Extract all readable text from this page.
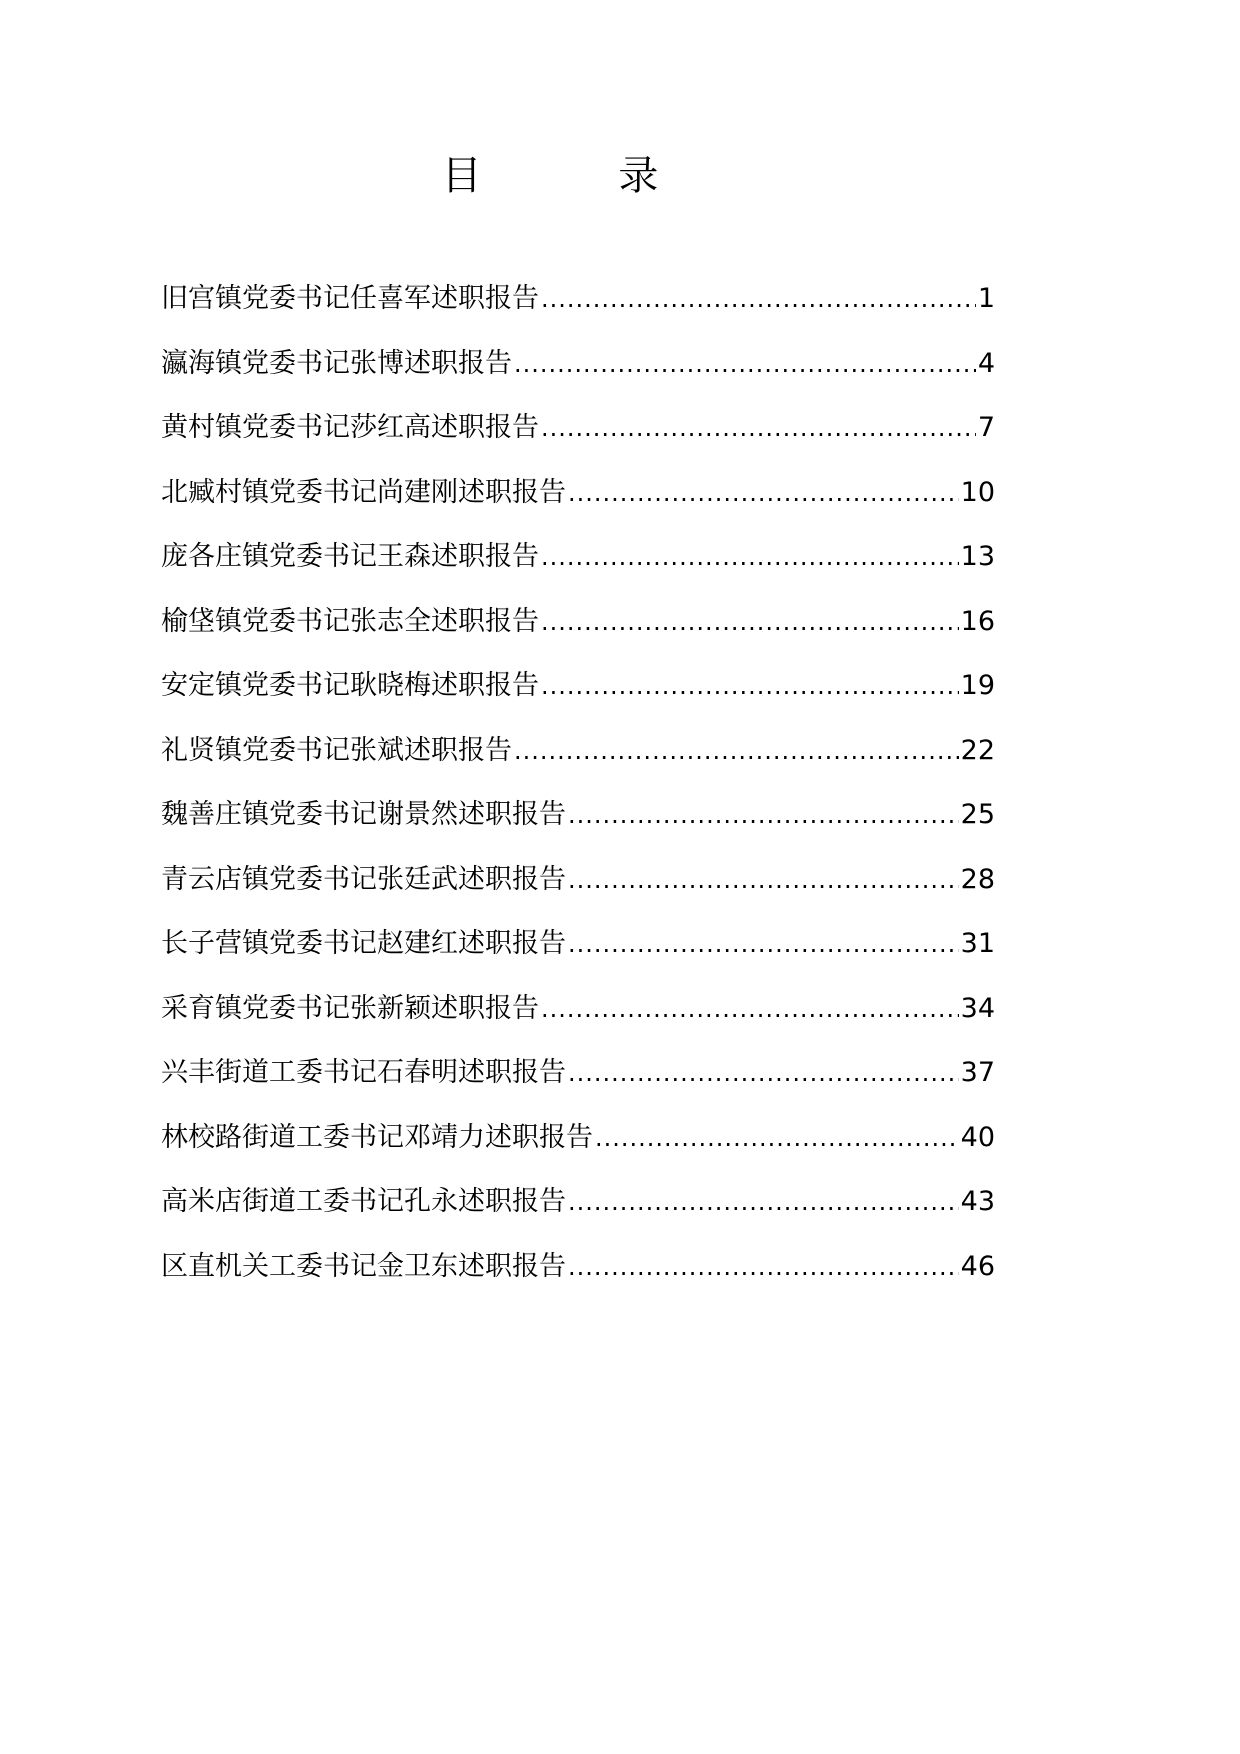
目 录
旧宫镇党委书记任喜军述职报告 .....	1
瀛海镇党委书记张博述职报告 .....	4
黄村镇党委书记莎红高述职报告 .....	7
北臧村镇党委书记尚建刚述职报告 .....	10
庞各庄镇党委书记王森述职报告 .....	13
榆垡镇党委书记张志全述职报告 .....	16
安定镇党委书记耿晓梅述职报告 .....	19
礼贤镇党委书记张斌述职报告 .....	22
魏善庄镇党委书记谢景然述职报告 .....	25
青云店镇党委书记张廷武述职报告 .....	28
长子营镇党委书记赵建红述职报告 .....	31
采育镇党委书记张新颖述职报告 .....	34
兴丰街道工委书记石春明述职报告 .....	37
林校路街道工委书记邓靖力述职报告 .....	40
高米店街道工委书记孔永述职报告 .....	43
区直机关工委书记金卫东述职报告 .....	46
